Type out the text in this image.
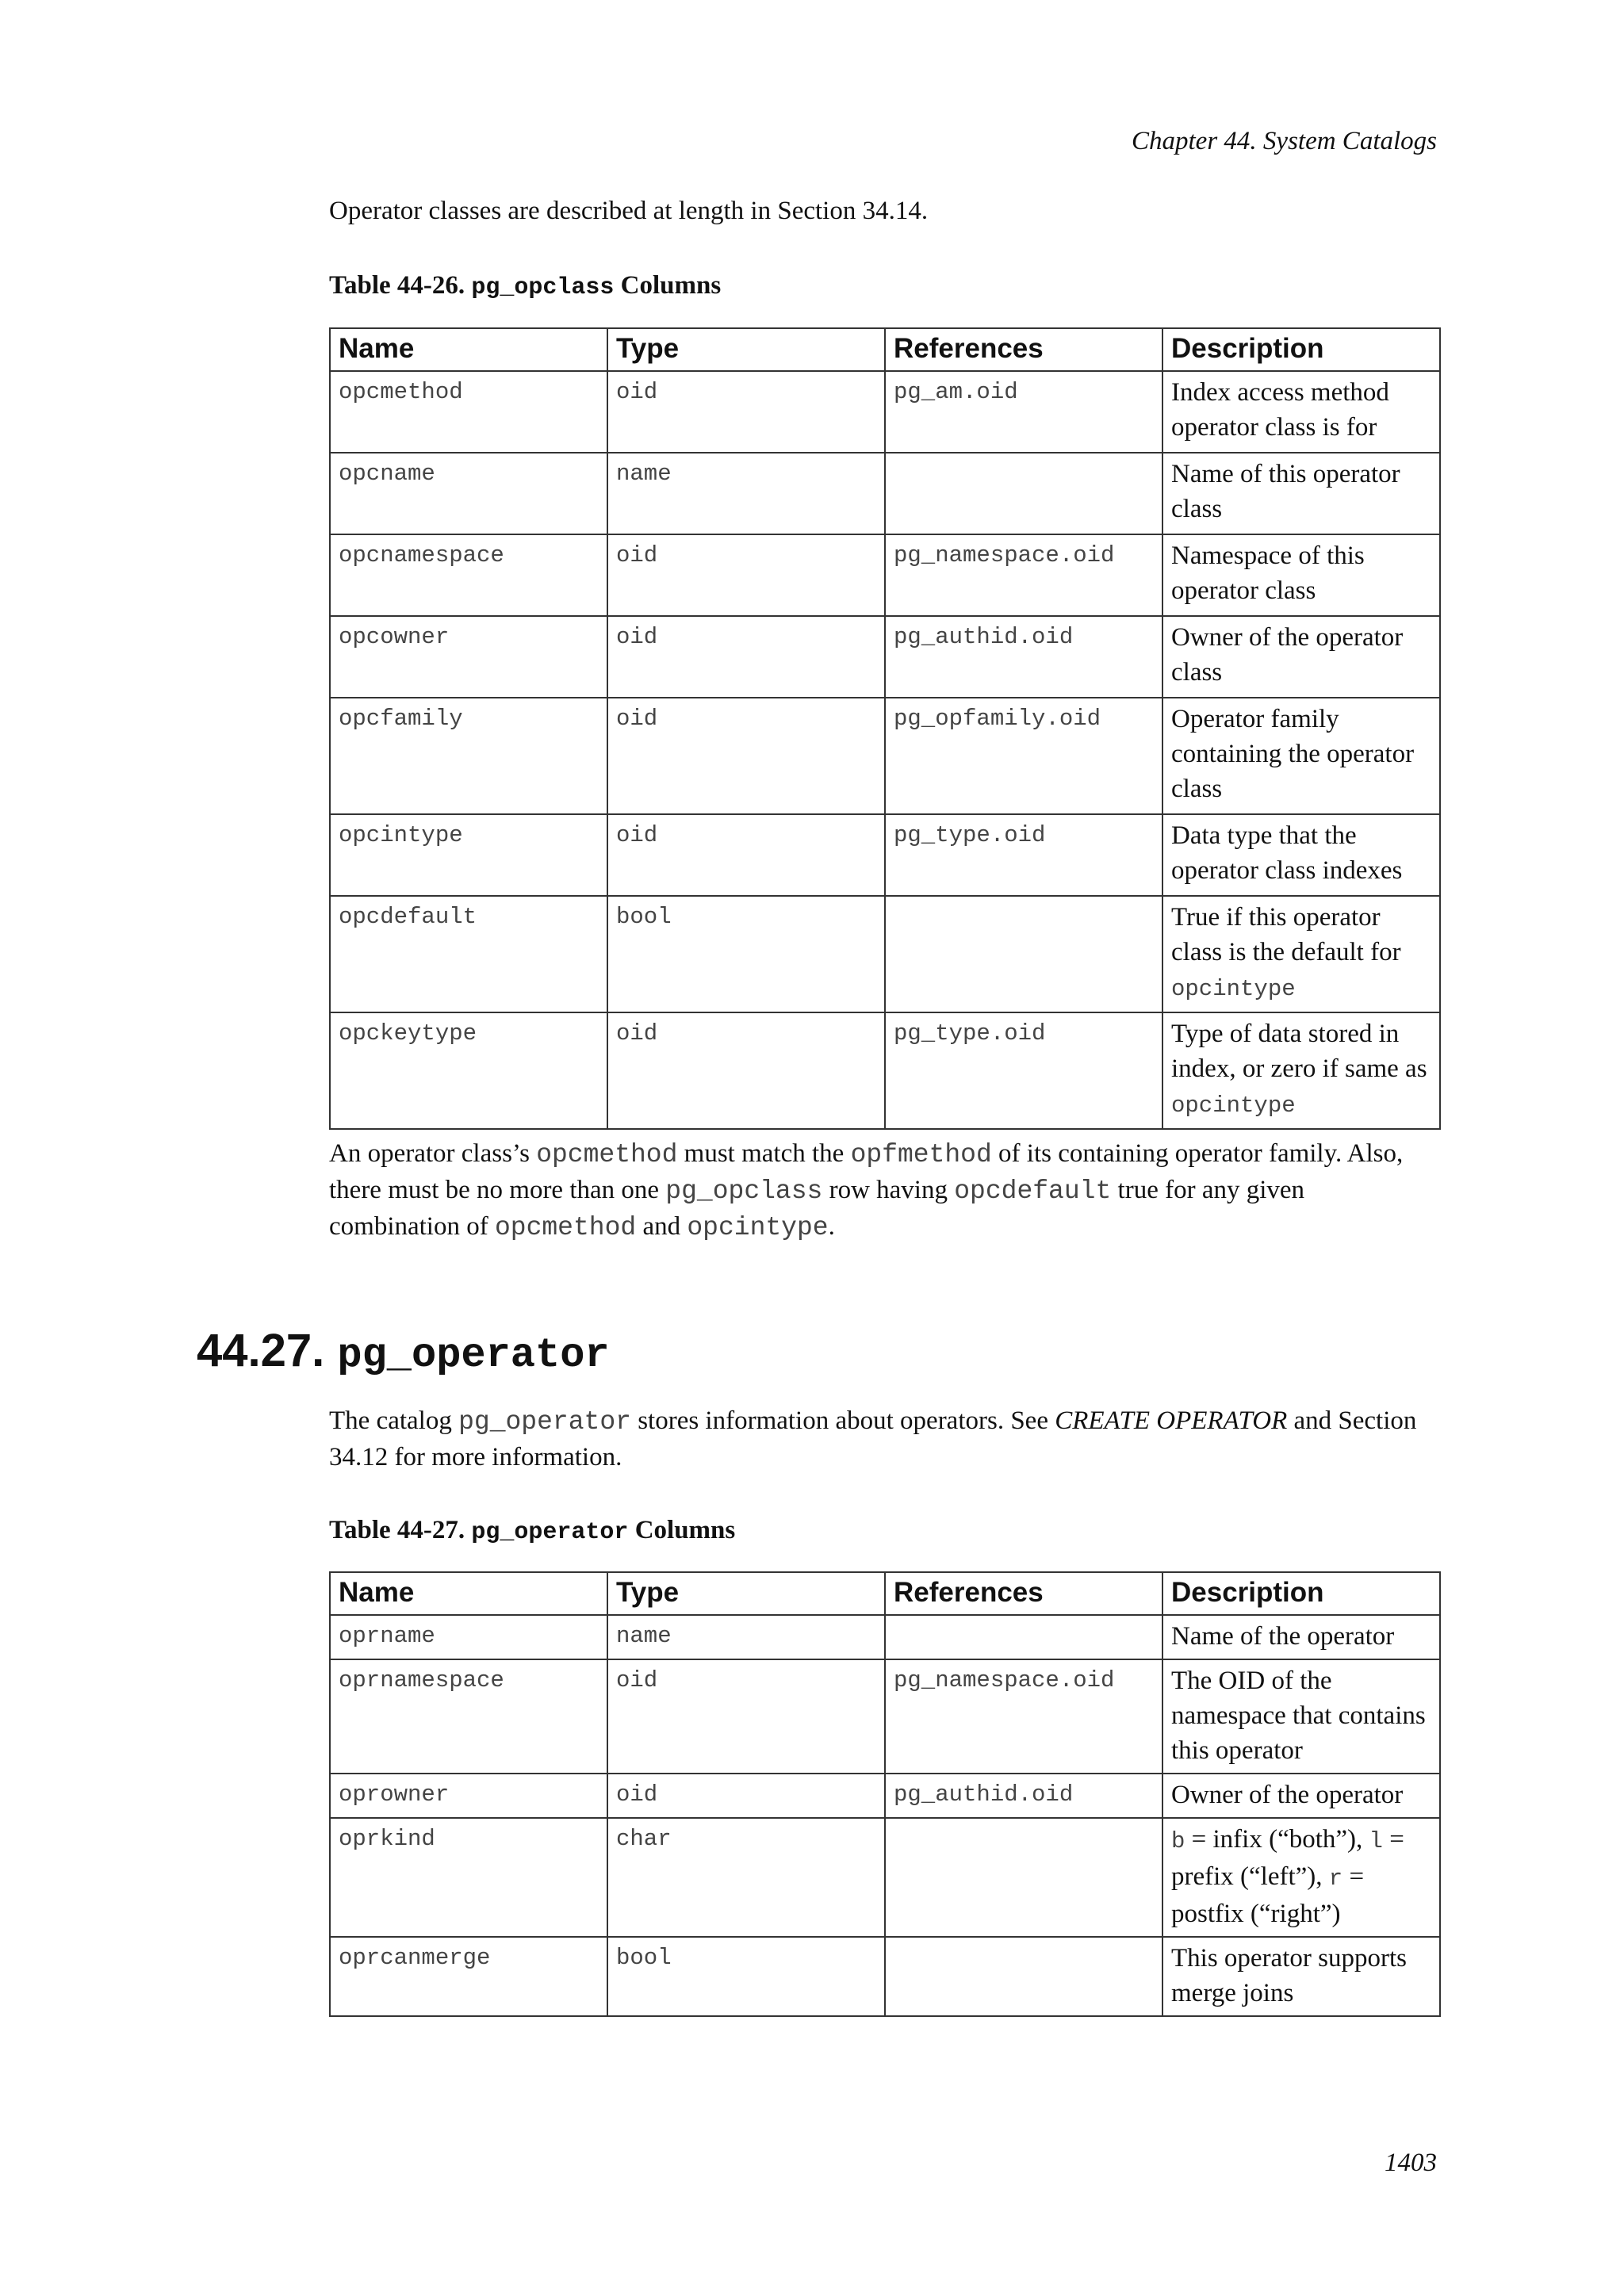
Chapter 44. System Catalogs

Operator classes are described at length in Section 34.14.

Table 44-26. pg_opclass Columns

Name	Type	References	Description
opcmethod	oid	pg_am.oid	Index access method operator class is for
opcname	name		Name of this operator class
opcnamespace	oid	pg_namespace.oid	Namespace of this operator class
opcowner	oid	pg_authid.oid	Owner of the operator class
opcfamily	oid	pg_opfamily.oid	Operator family containing the operator class
opcintype	oid	pg_type.oid	Data type that the operator class indexes
opcdefault	bool		True if this operator class is the default for opcintype
opckeytype	oid	pg_type.oid	Type of data stored in index, or zero if same as opcintype

An operator class’s opcmethod must match the opfmethod of its containing operator family. Also, there must be no more than one pg_opclass row having opcdefault true for any given combination of opcmethod and opcintype.

44.27. pg_operator

The catalog pg_operator stores information about operators. See CREATE OPERATOR and Section 34.12 for more information.

Table 44-27. pg_operator Columns

Name	Type	References	Description
oprname	name		Name of the operator
oprnamespace	oid	pg_namespace.oid	The OID of the namespace that contains this operator
oprowner	oid	pg_authid.oid	Owner of the operator
oprkind	char		b = infix (“both”), l = prefix (“left”), r = postfix (“right”)
oprcanmerge	bool		This operator supports merge joins
1403
